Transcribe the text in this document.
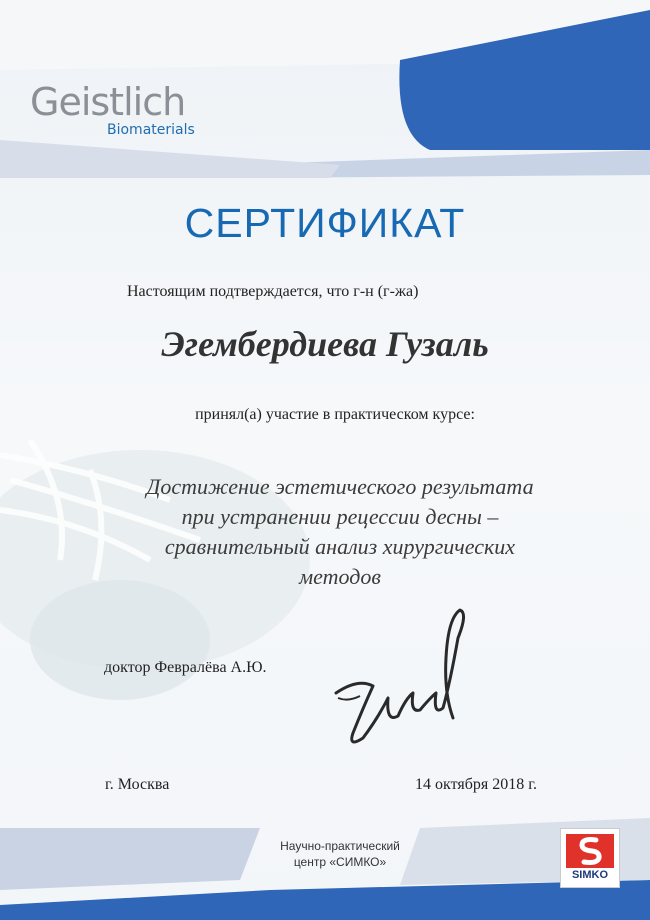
Geistlich
Biomaterials
СЕРТИФИКАТ
Настоящим подтверждается, что г-н (г-жа)
Эгембердиева Гузаль
принял(а) участие в практическом курсе:
Достижение эстетического результата
при устранении рецессии десны –
сравнительный анализ хирургических
методов
доктор Февралёва А.Ю.
г. Москва	14 октября 2018 г.
Научно-практический
центр «СИМКО»
SIMKO
